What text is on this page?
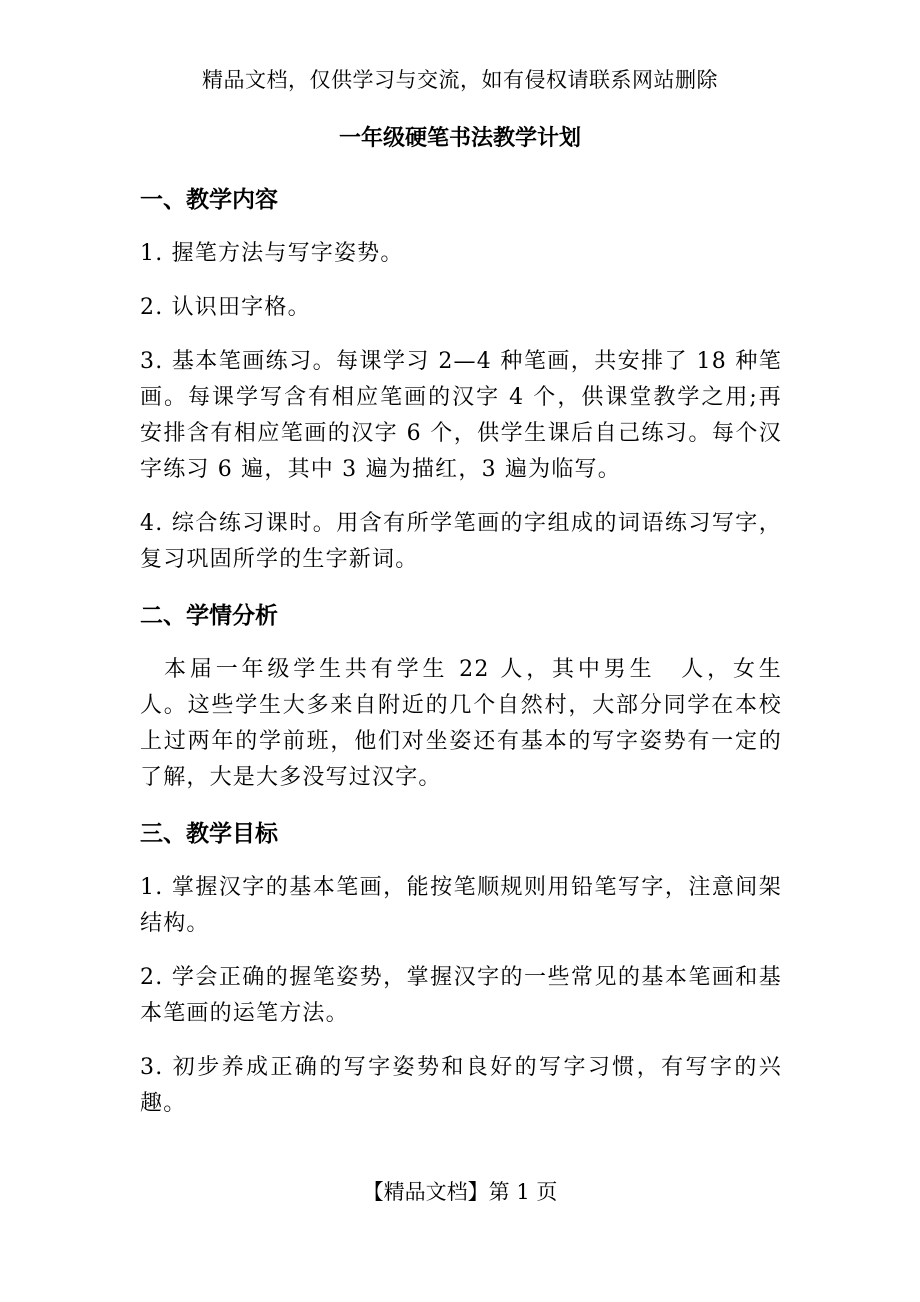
精品文档，仅供学习与交流，如有侵权请联系网站删除
一年级硬笔书法教学计划
一、教学内容
1. 握笔方法与写字姿势。
2. 认识田字格。
3. 基本笔画练习。每课学习 2—4 种笔画，共安排了 18 种笔画。每课学写含有相应笔画的汉字 4 个，供课堂教学之用;再安排含有相应笔画的汉字 6 个，供学生课后自己练习。每个汉字练习 6 遍，其中 3 遍为描红，3 遍为临写。
4. 综合练习课时。用含有所学笔画的字组成的词语练习写字，复习巩固所学的生字新词。
二、学情分析
本届一年级学生共有学生 22 人，其中男生　人，女生　人。这些学生大多来自附近的几个自然村，大部分同学在本校上过两年的学前班，他们对坐姿还有基本的写字姿势有一定的了解，大是大多没写过汉字。
三、教学目标
1. 掌握汉字的基本笔画，能按笔顺规则用铅笔写字，注意间架结构。
2. 学会正确的握笔姿势，掌握汉字的一些常见的基本笔画和基本笔画的运笔方法。
3. 初步养成正确的写字姿势和良好的写字习惯，有写字的兴趣。
【精品文档】第 1 页
